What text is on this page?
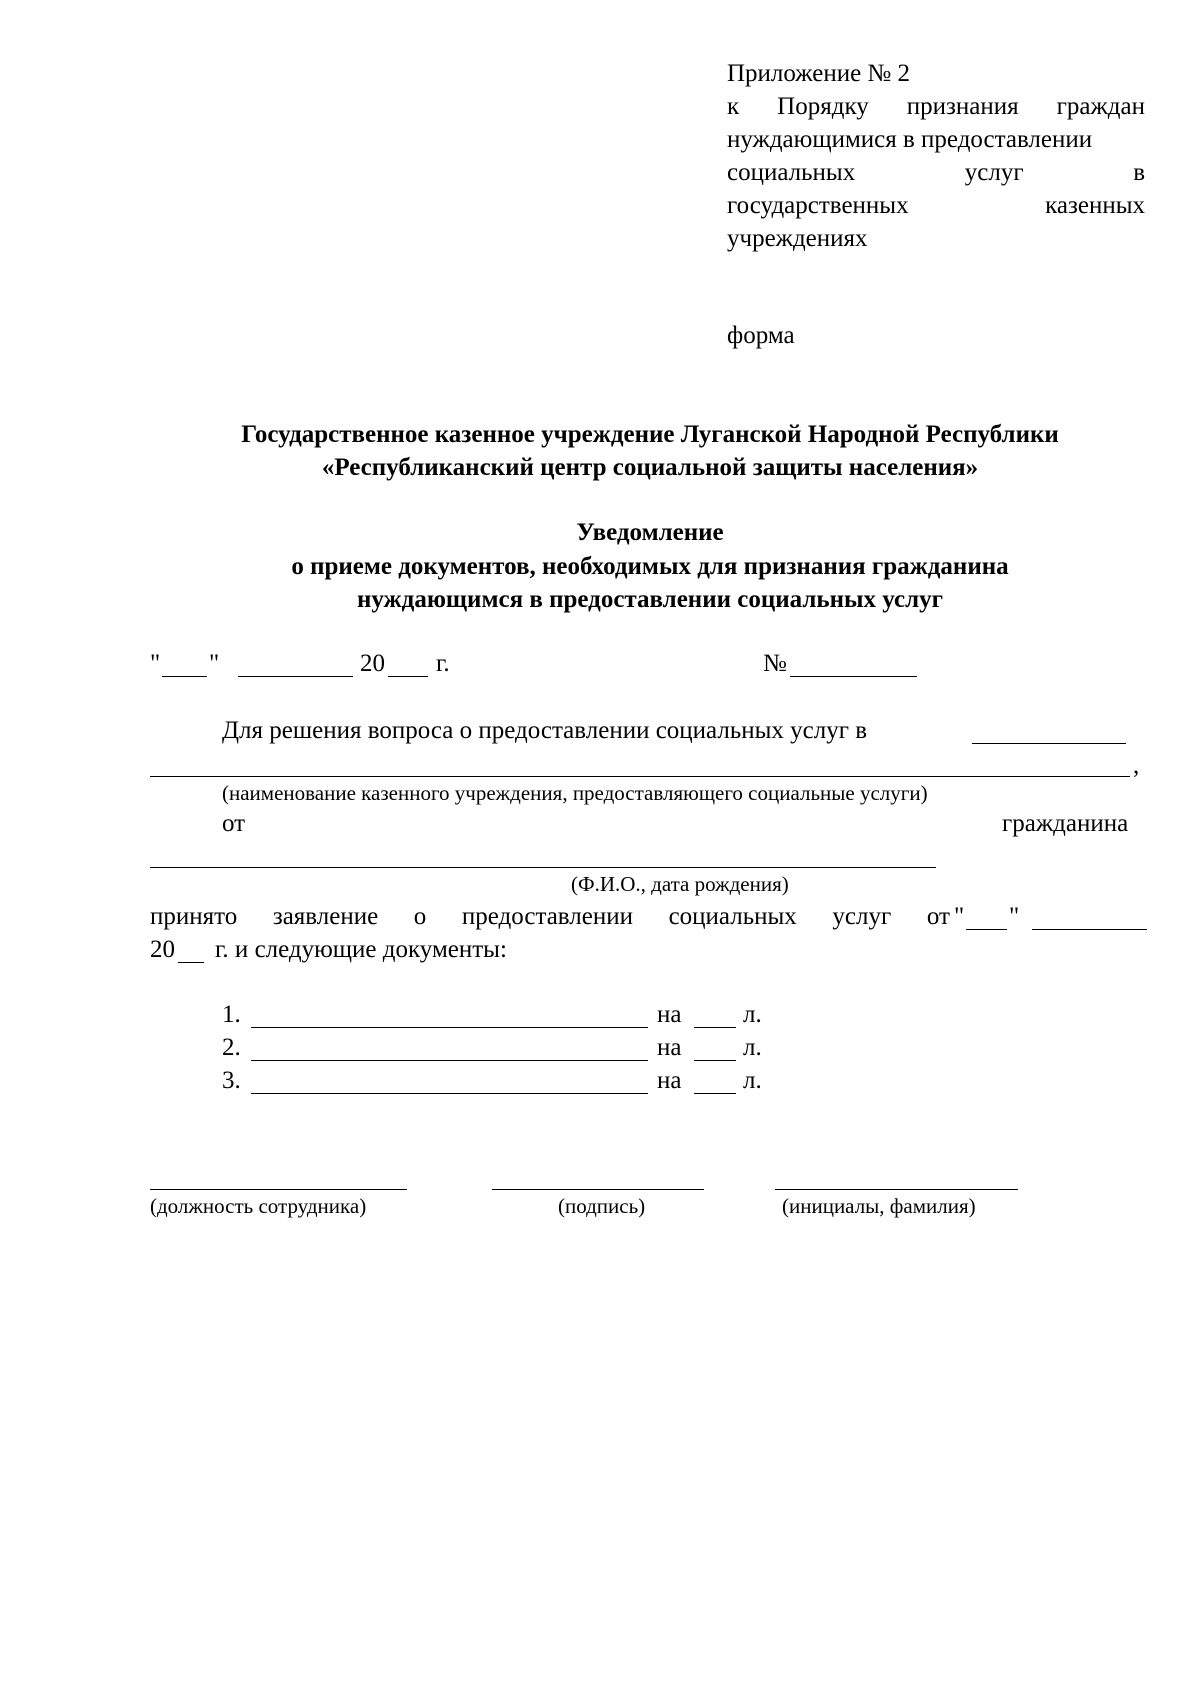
Приложение № 2
к Порядку признания граждан
нуждающимися в предоставлении
социальных	услуг	в
государственных	казенных
учреждениях
форма
Государственное казенное учреждение Луганской Народной Республики
«Республиканский центр социальной защиты населения»
Уведомление
о приеме документов, необходимых для признания гражданина
нуждающимся в предоставлении социальных услуг
" "	20 г.	№
Для решения вопроса о предоставлении социальных услуг в
,
(наименование казенного учреждения, предоставляющего социальные услуги)
от	гражданина
(Ф.И.О., дата рождения)
принято заявление о предоставлении социальных услуг от " "
20 г. и следующие документы:
1.	на л.
2.	на л.
3.	на л.
(должность сотрудника)	(подпись)	(инициалы, фамилия)
